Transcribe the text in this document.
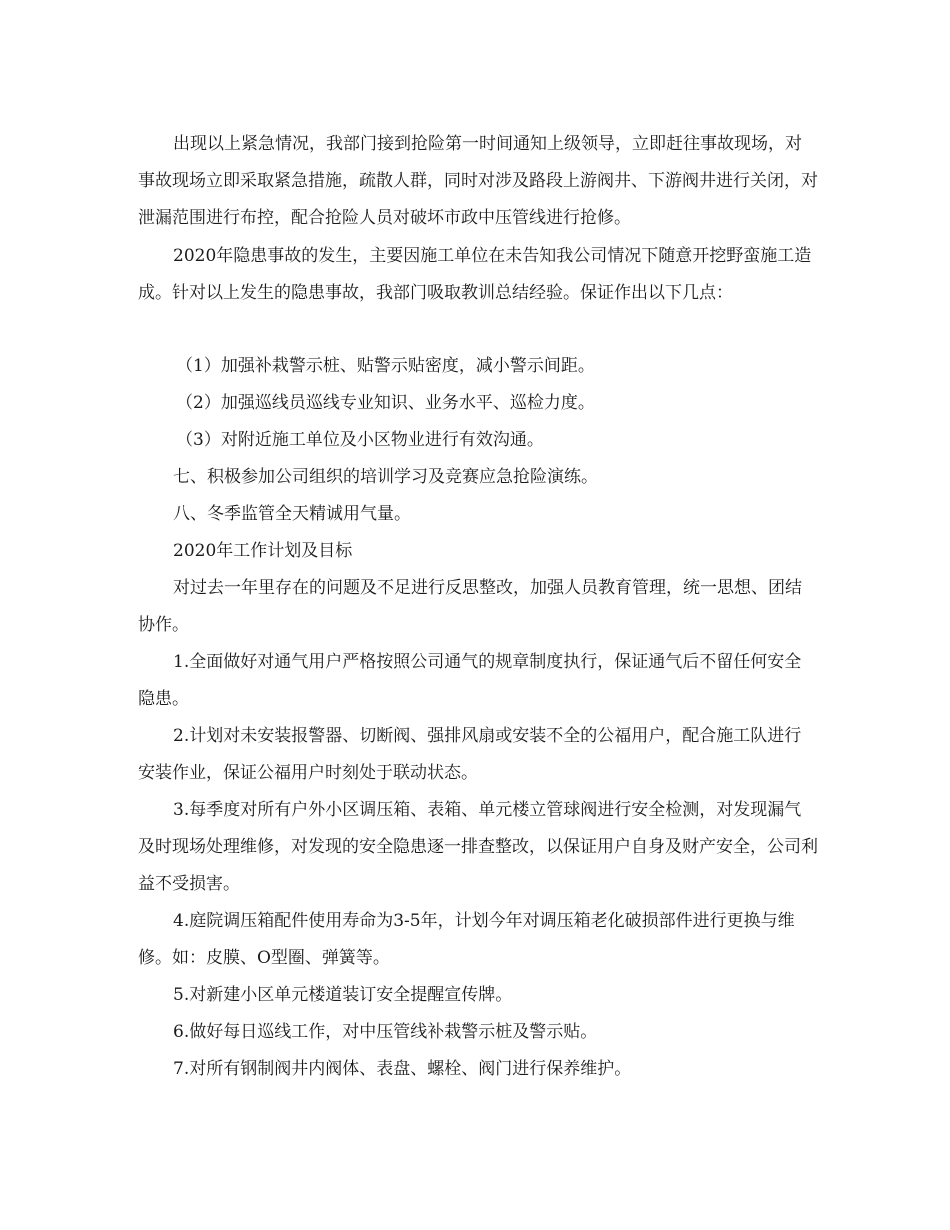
出现以上紧急情况，我部门接到抢险第一时间通知上级领导，立即赶往事故现场，对事故现场立即采取紧急措施，疏散人群，同时对涉及路段上游阀井、下游阀井进行关闭，对泄漏范围进行布控，配合抢险人员对破坏市政中压管线进行抢修。

2020年隐患事故的发生，主要因施工单位在未告知我公司情况下随意开挖野蛮施工造成。针对以上发生的隐患事故，我部门吸取教训总结经验。保证作出以下几点：

（1）加强补栽警示桩、贴警示贴密度，减小警示间距。

（2）加强巡线员巡线专业知识、业务水平、巡检力度。

（3）对附近施工单位及小区物业进行有效沟通。

七、积极参加公司组织的培训学习及竞赛应急抢险演练。

八、冬季监管全天精诚用气量。

2020年工作计划及目标

对过去一年里存在的问题及不足进行反思整改，加强人员教育管理，统一思想、团结协作。

1.全面做好对通气用户严格按照公司通气的规章制度执行，保证通气后不留任何安全隐患。

2.计划对未安装报警器、切断阀、强排风扇或安装不全的公福用户，配合施工队进行安装作业，保证公福用户时刻处于联动状态。

3.每季度对所有户外小区调压箱、表箱、单元楼立管球阀进行安全检测，对发现漏气及时现场处理维修，对发现的安全隐患逐一排查整改，以保证用户自身及财产安全，公司利益不受损害。

4.庭院调压箱配件使用寿命为3-5年，计划今年对调压箱老化破损部件进行更换与维修。如：皮膜、O型圈、弹簧等。

5.对新建小区单元楼道装订安全提醒宣传牌。

6.做好每日巡线工作，对中压管线补栽警示桩及警示贴。

7.对所有钢制阀井内阀体、表盘、螺栓、阀门进行保养维护。
